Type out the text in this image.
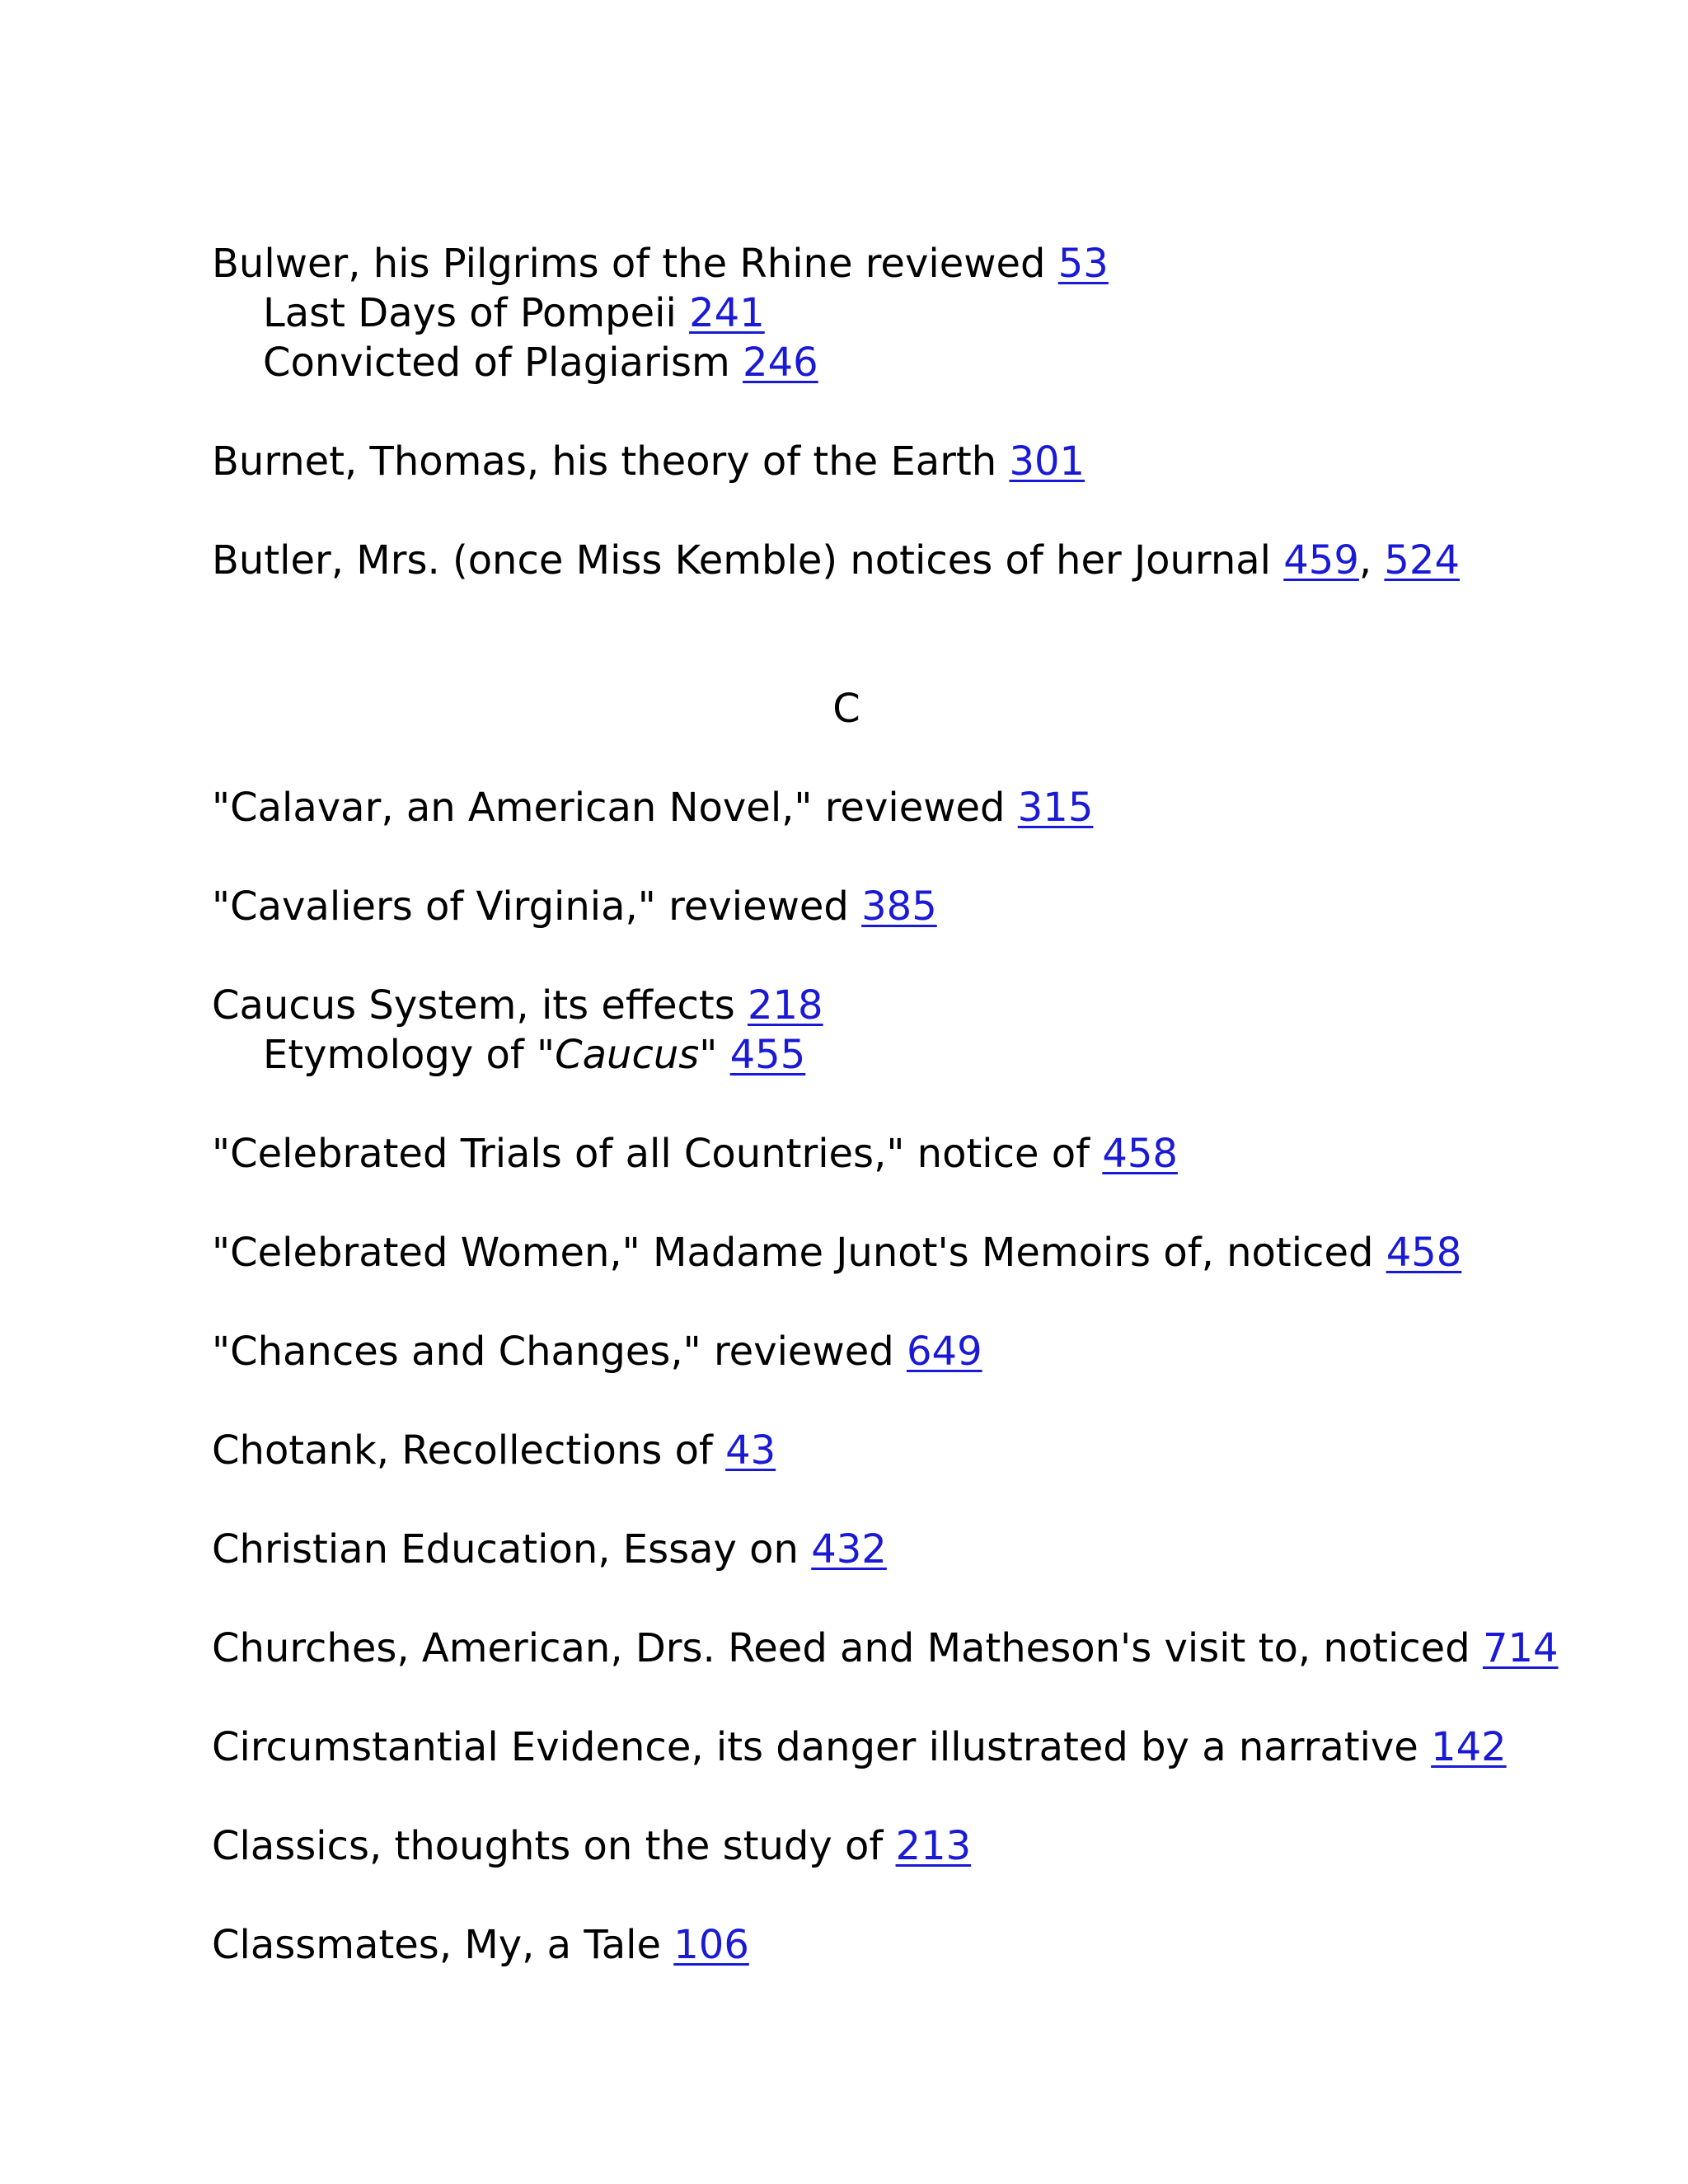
Bulwer, his Pilgrims of the Rhine reviewed 53
Last Days of Pompeii 241
Convicted of Plagiarism 246
Burnet, Thomas, his theory of the Earth 301
Butler, Mrs. (once Miss Kemble) notices of her Journal 459, 524
C
"Calavar, an American Novel," reviewed 315
"Cavaliers of Virginia," reviewed 385
Caucus System, its effects 218
Etymology of "Caucus" 455
"Celebrated Trials of all Countries," notice of 458
"Celebrated Women," Madame Junot's Memoirs of, noticed 458
"Chances and Changes," reviewed 649
Chotank, Recollections of 43
Christian Education, Essay on 432
Churches, American, Drs. Reed and Matheson's visit to, noticed 714
Circumstantial Evidence, its danger illustrated by a narrative 142
Classics, thoughts on the study of 213
Classmates, My, a Tale 106
